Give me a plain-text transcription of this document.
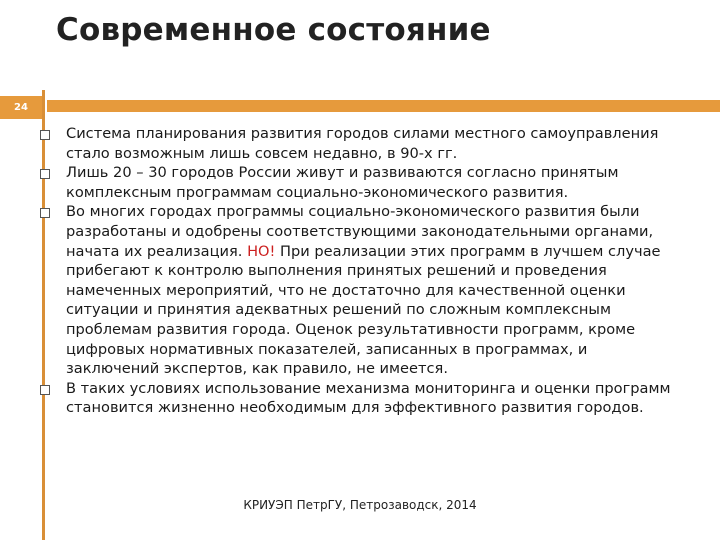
Современное состояние
24
Система планирования развития городов силами местного самоуправления стало возможным лишь совсем недавно, в 90-х гг.
Лишь 20 – 30 городов России живут и развиваются согласно принятым комплексным программам социально-экономического развития.
Во многих городах программы социально-экономического развития были разработаны и одобрены соответствующими законодательными органами, начата их реализация. НО! При реализации этих программ в лучшем случае прибегают к контролю выполнения принятых решений и проведения намеченных мероприятий, что не достаточно для качественной оценки ситуации и принятия адекватных решений по сложным комплексным проблемам развития города. Оценок результативности программ, кроме цифровых нормативных показателей, записанных в программах, и заключений экспертов, как правило, не имеется.
В таких условиях использование механизма мониторинга и оценки программ становится жизненно необходимым для эффективного развития городов.
КРИУЭП ПетрГУ, Петрозаводск, 2014
